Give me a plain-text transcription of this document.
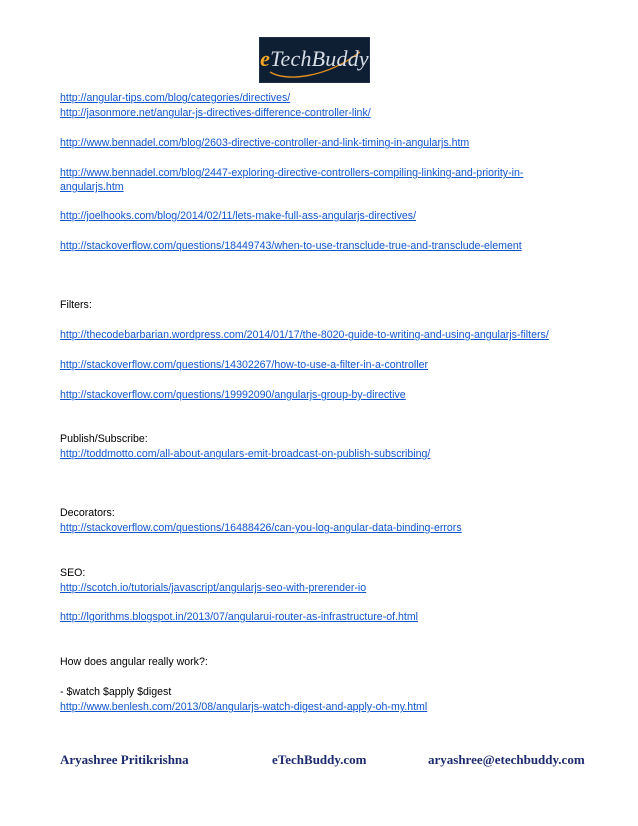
eTechBuddy
http://angular-tips.com/blog/categories/directives/
http://jasonmore.net/angular-js-directives-difference-controller-link/
http://www.bennadel.com/blog/2603-directive-controller-and-link-timing-in-angularjs.htm
http://www.bennadel.com/blog/2447-exploring-directive-controllers-compiling-linking-and-priority-in-
angularjs.htm
http://joelhooks.com/blog/2014/02/11/lets-make-full-ass-angularjs-directives/
http://stackoverflow.com/questions/18449743/when-to-use-transclude-true-and-transclude-element
Filters:
http://thecodebarbarian.wordpress.com/2014/01/17/the-8020-guide-to-writing-and-using-angularjs-filters/
http://stackoverflow.com/questions/14302267/how-to-use-a-filter-in-a-controller
http://stackoverflow.com/questions/19992090/angularjs-group-by-directive
Publish/Subscribe:
http://toddmotto.com/all-about-angulars-emit-broadcast-on-publish-subscribing/
Decorators:
http://stackoverflow.com/questions/16488426/can-you-log-angular-data-binding-errors
SEO:
http://scotch.io/tutorials/javascript/angularjs-seo-with-prerender-io
http://lgorithms.blogspot.in/2013/07/angularui-router-as-infrastructure-of.html
How does angular really work?:
- $watch $apply $digest
http://www.benlesh.com/2013/08/angularjs-watch-digest-and-apply-oh-my.html
Aryashree Pritikrishna	eTechBuddy.com	aryashree@etechbuddy.com
